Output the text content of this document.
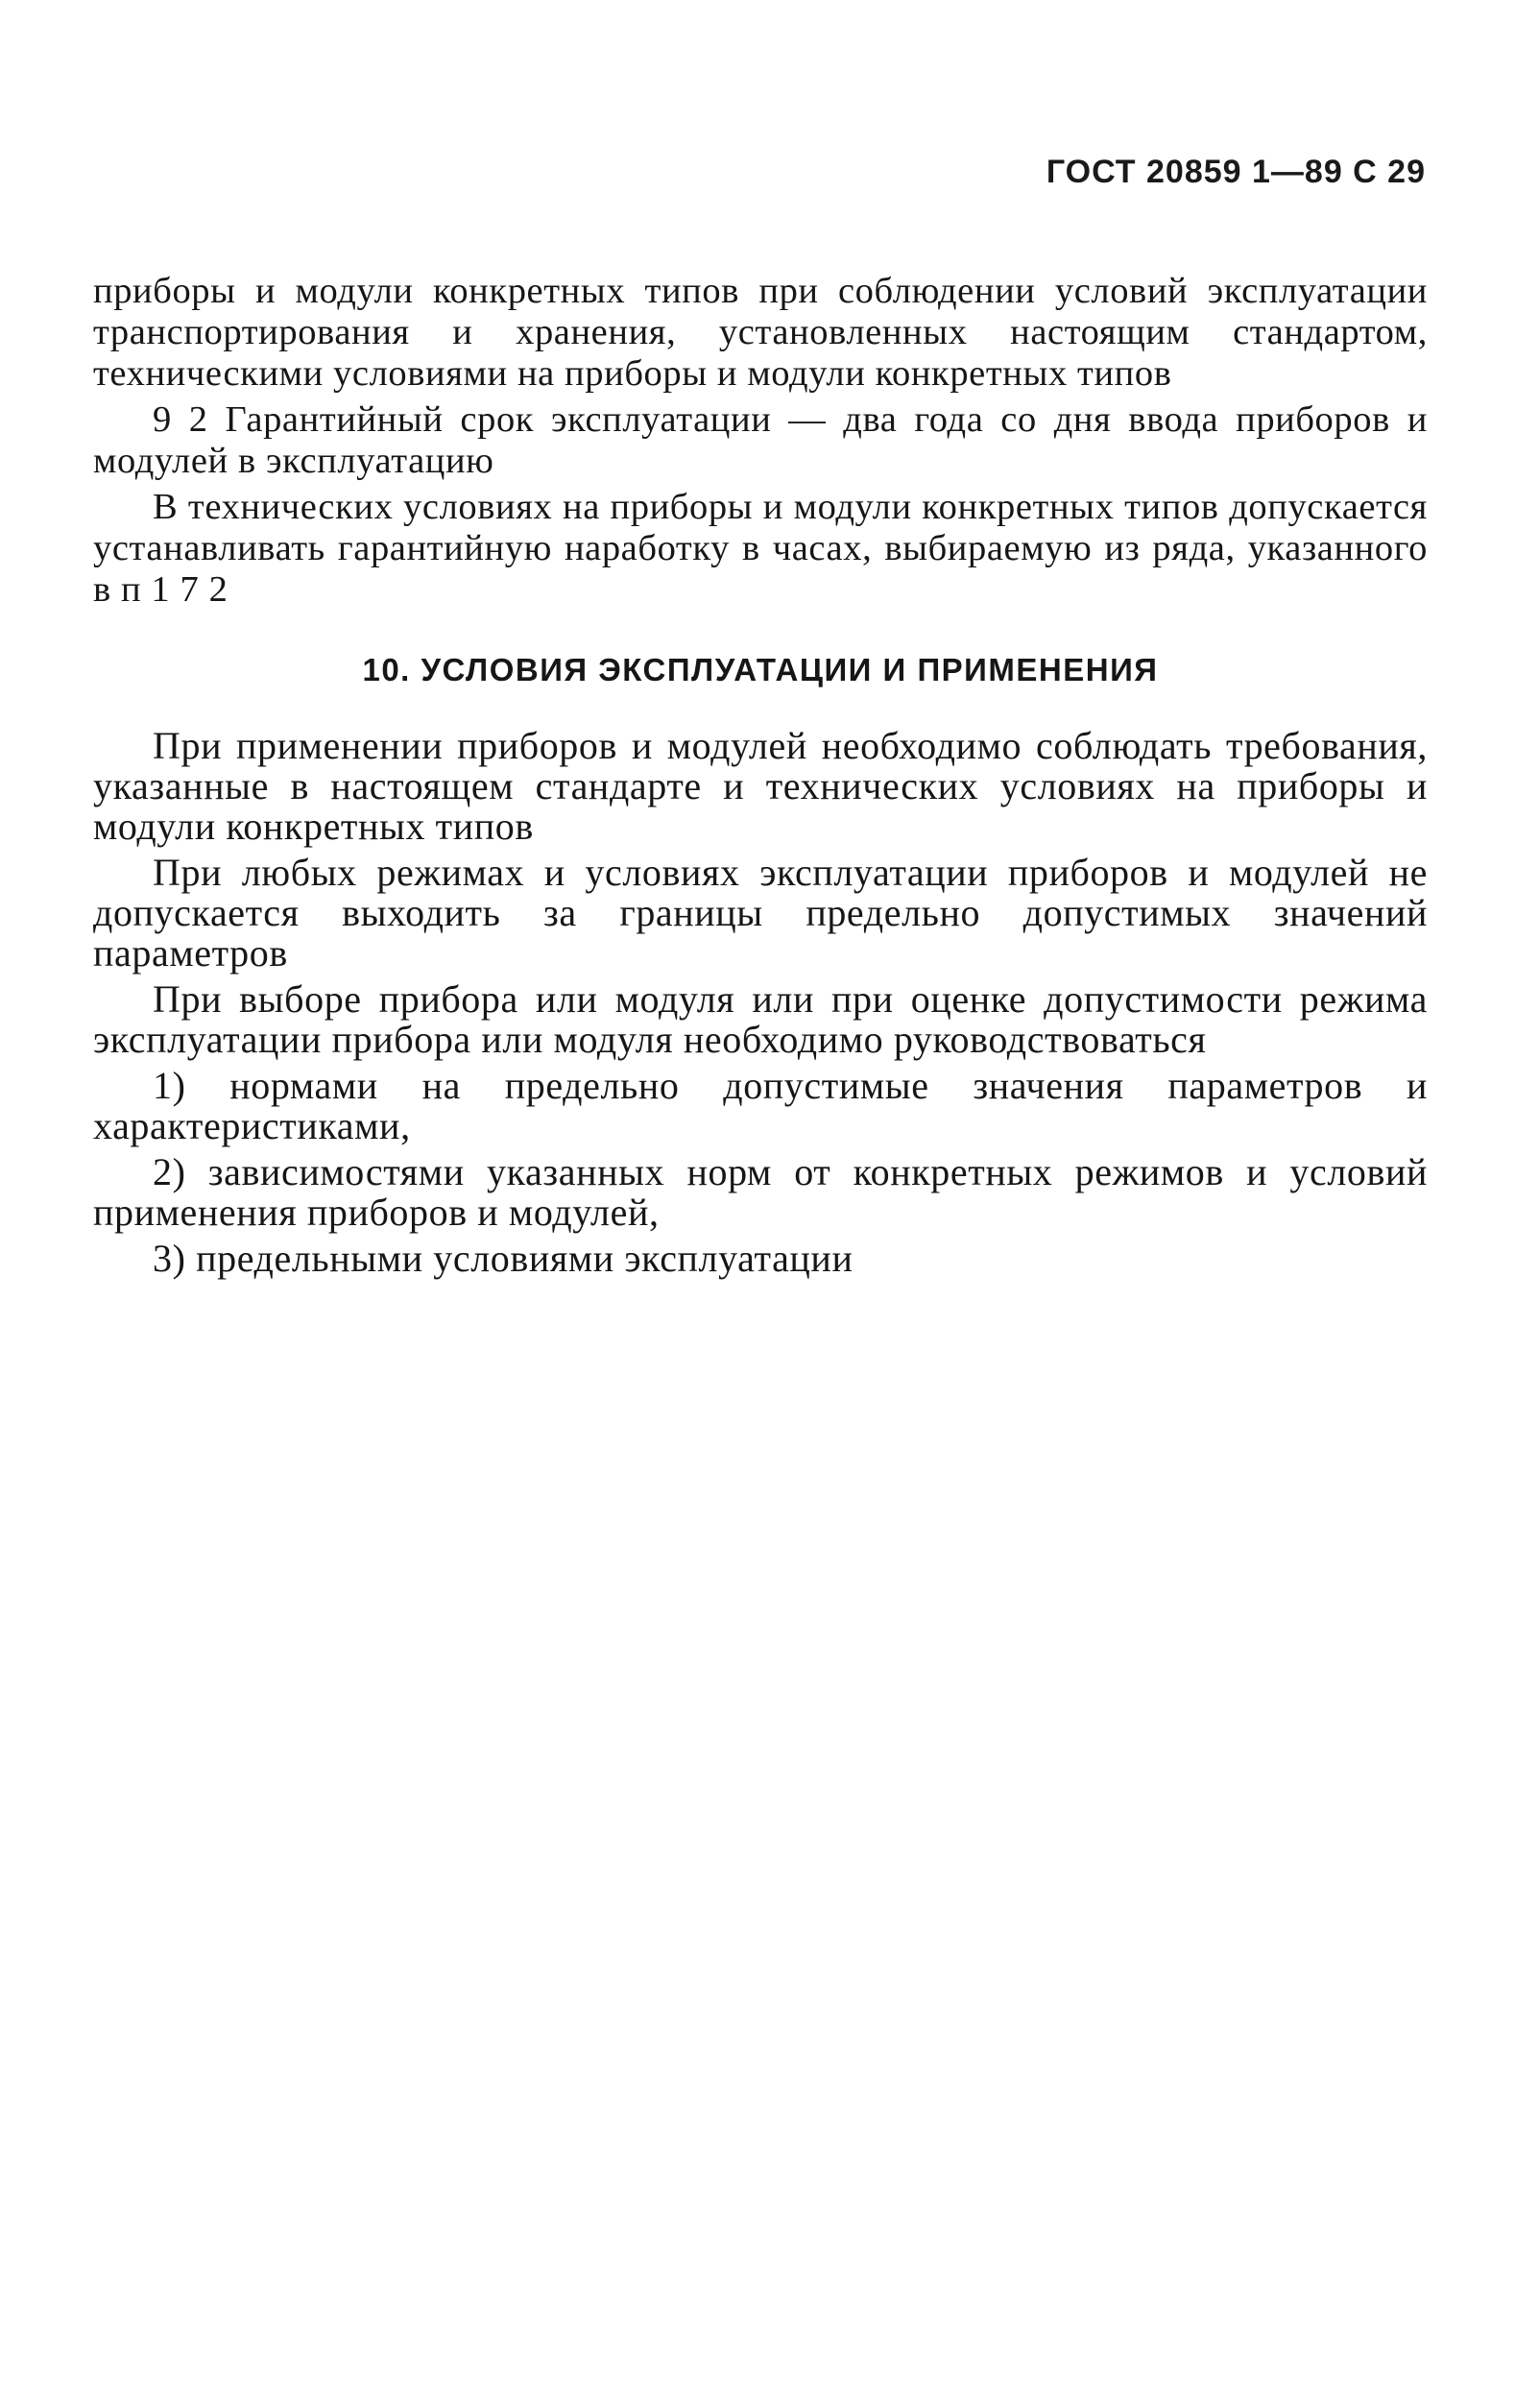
ГОСТ 20859 1—89 С 29

приборы и модули конкретных типов при соблюдении условий эксплуатации транспортирования и хранения, установленных настоящим стандартом, техническими условиями на приборы и модули конкретных типов

9 2 Гарантийный срок эксплуатации — два года со дня ввода приборов и модулей в эксплуатацию

В технических условиях на приборы и модули конкретных типов допускается устанавливать гарантийную наработку в часах, выбираемую из ряда, указанного в п 1 7 2

10. УСЛОВИЯ ЭКСПЛУАТАЦИИ И ПРИМЕНЕНИЯ

При применении приборов и модулей необходимо соблюдать требования, указанные в настоящем стандарте и технических условиях на приборы и модули конкретных типов

При любых режимах и условиях эксплуатации приборов и модулей не допускается выходить за границы предельно допустимых значений параметров

При выборе прибора или модуля или при оценке допустимости режима эксплуатации прибора или модуля необходимо руководствоваться

1) нормами на предельно допустимые значения параметров и характеристиками,

2) зависимостями указанных норм от конкретных режимов и условий применения приборов и модулей,

3) предельными условиями эксплуатации
